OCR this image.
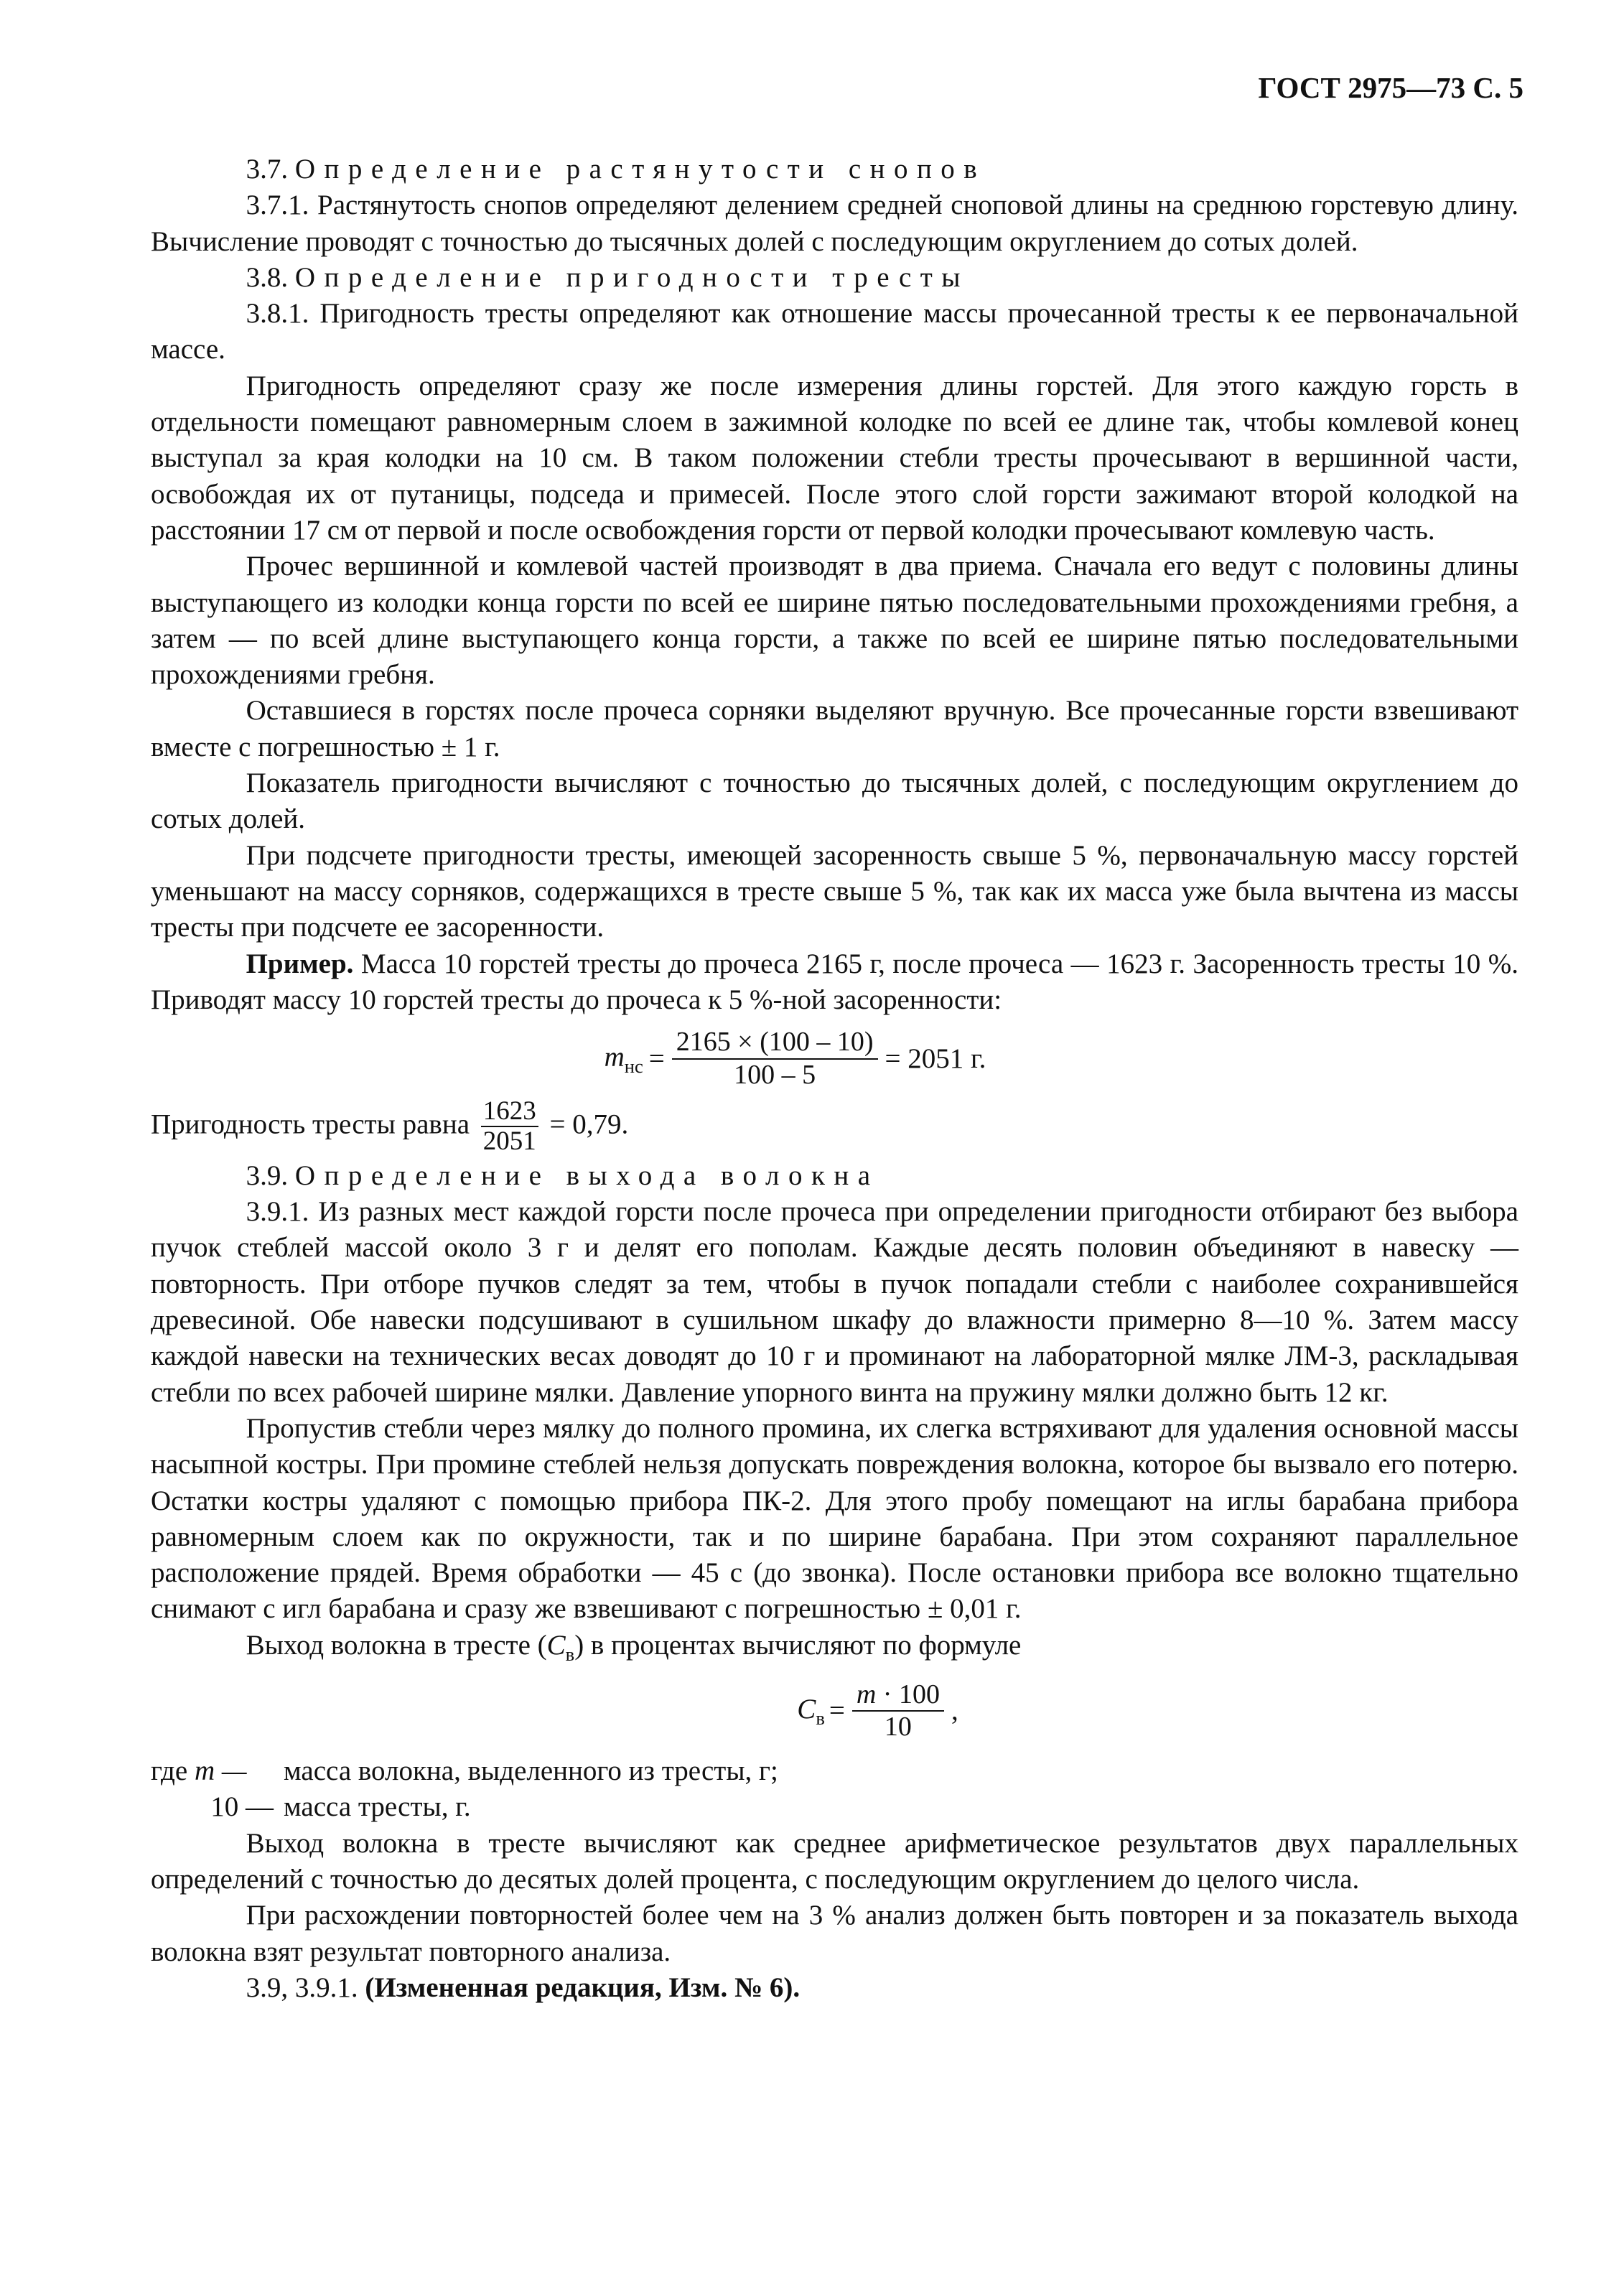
ГОСТ 2975—73 С. 5
3.7. Определение растянутости снопов

3.7.1. Растянутость снопов определяют делением средней сноповой длины на среднюю горстевую длину. Вычисление проводят с точностью до тысячных долей с последующим округлением до сотых долей.

3.8. Определение пригодности тресты

3.8.1. Пригодность тресты определяют как отношение массы прочесанной тресты к ее первоначальной массе.

Пригодность определяют сразу же после измерения длины горстей. Для этого каждую горсть в отдельности помещают равномерным слоем в зажимной колодке по всей ее длине так, чтобы комлевой конец выступал за края колодки на 10 см. В таком положении стебли тресты прочесывают в вершинной части, освобождая их от путаницы, подседа и примесей. После этого слой горсти зажимают второй колодкой на расстоянии 17 см от первой и после освобождения горсти от первой колодки прочесывают комлевую часть.

Прочес вершинной и комлевой частей производят в два приема. Сначала его ведут с половины длины выступающего из колодки конца горсти по всей ее ширине пятью последовательными прохождениями гребня, а затем — по всей длине выступающего конца горсти, а также по всей ее ширине пятью последовательными прохождениями гребня.

Оставшиеся в горстях после прочеса сорняки выделяют вручную. Все прочесанные горсти взвешивают вместе с погрешностью ± 1 г.

Показатель пригодности вычисляют с точностью до тысячных долей, с последующим округлением до сотых долей.

При подсчете пригодности тресты, имеющей засоренность свыше 5 %, первоначальную массу горстей уменьшают на массу сорняков, содержащихся в тресте свыше 5 %, так как их масса уже была вычтена из массы тресты при подсчете ее засоренности.

Пример. Масса 10 горстей тресты до прочеса 2165 г, после прочеса — 1623 г. Засоренность тресты 10 %. Приводят массу 10 горстей тресты до прочеса к 5 %-ной засоренности:

$m_{нс} = \frac{2165 \times (100 - 10)}{100 - 5} = 2051$ г.

Пригодность тресты равна $\frac{1623}{2051} = 0,79$.

3.9. Определение выхода волокна

3.9.1. Из разных мест каждой горсти после прочеса при определении пригодности отбирают без выбора пучок стеблей массой около 3 г и делят его пополам. Каждые десять половин объединяют в навеску — повторность. При отборе пучков следят за тем, чтобы в пучок попадали стебли с наиболее сохранившейся древесиной. Обе навески подсушивают в сушильном шкафу до влажности примерно 8—10 %. Затем массу каждой навески на технических весах доводят до 10 г и проминают на лабораторной мялке ЛМ-3, раскладывая стебли по всех рабочей ширине мялки. Давление упорного винта на пружину мялки должно быть 12 кг.

Пропустив стебли через мялку до полного промина, их слегка встряхивают для удаления основной массы насыпной костры. При промине стеблей нельзя допускать повреждения волокна, которое бы вызвало его потерю. Остатки костры удаляют с помощью прибора ПК-2. Для этого пробу помещают на иглы барабана прибора равномерным слоем как по окружности, так и по ширине барабана. При этом сохраняют параллельное расположение прядей. Время обработки — 45 с (до звонка). После остановки прибора все волокно тщательно снимают с игл барабана и сразу же взвешивают с погрешностью ± 0,01 г.

Выход волокна в тресте $(C_в)$ в процентах вычисляют по формуле

$C_в = \frac{m \cdot 100}{10}$ ,
где m —	масса волокна, выделенного из тресты, г;
10 — масса тресты, г.

Выход волокна в тресте вычисляют как среднее арифметическое результатов двух параллельных определений с точностью до десятых долей процента, с последующим округлением до целого числа.

При расхождении повторностей более чем на 3 % анализ должен быть повторен и за показатель выхода волокна взят результат повторного анализа.

3.9, 3.9.1. (Измененная редакция, Изм. № 6).
